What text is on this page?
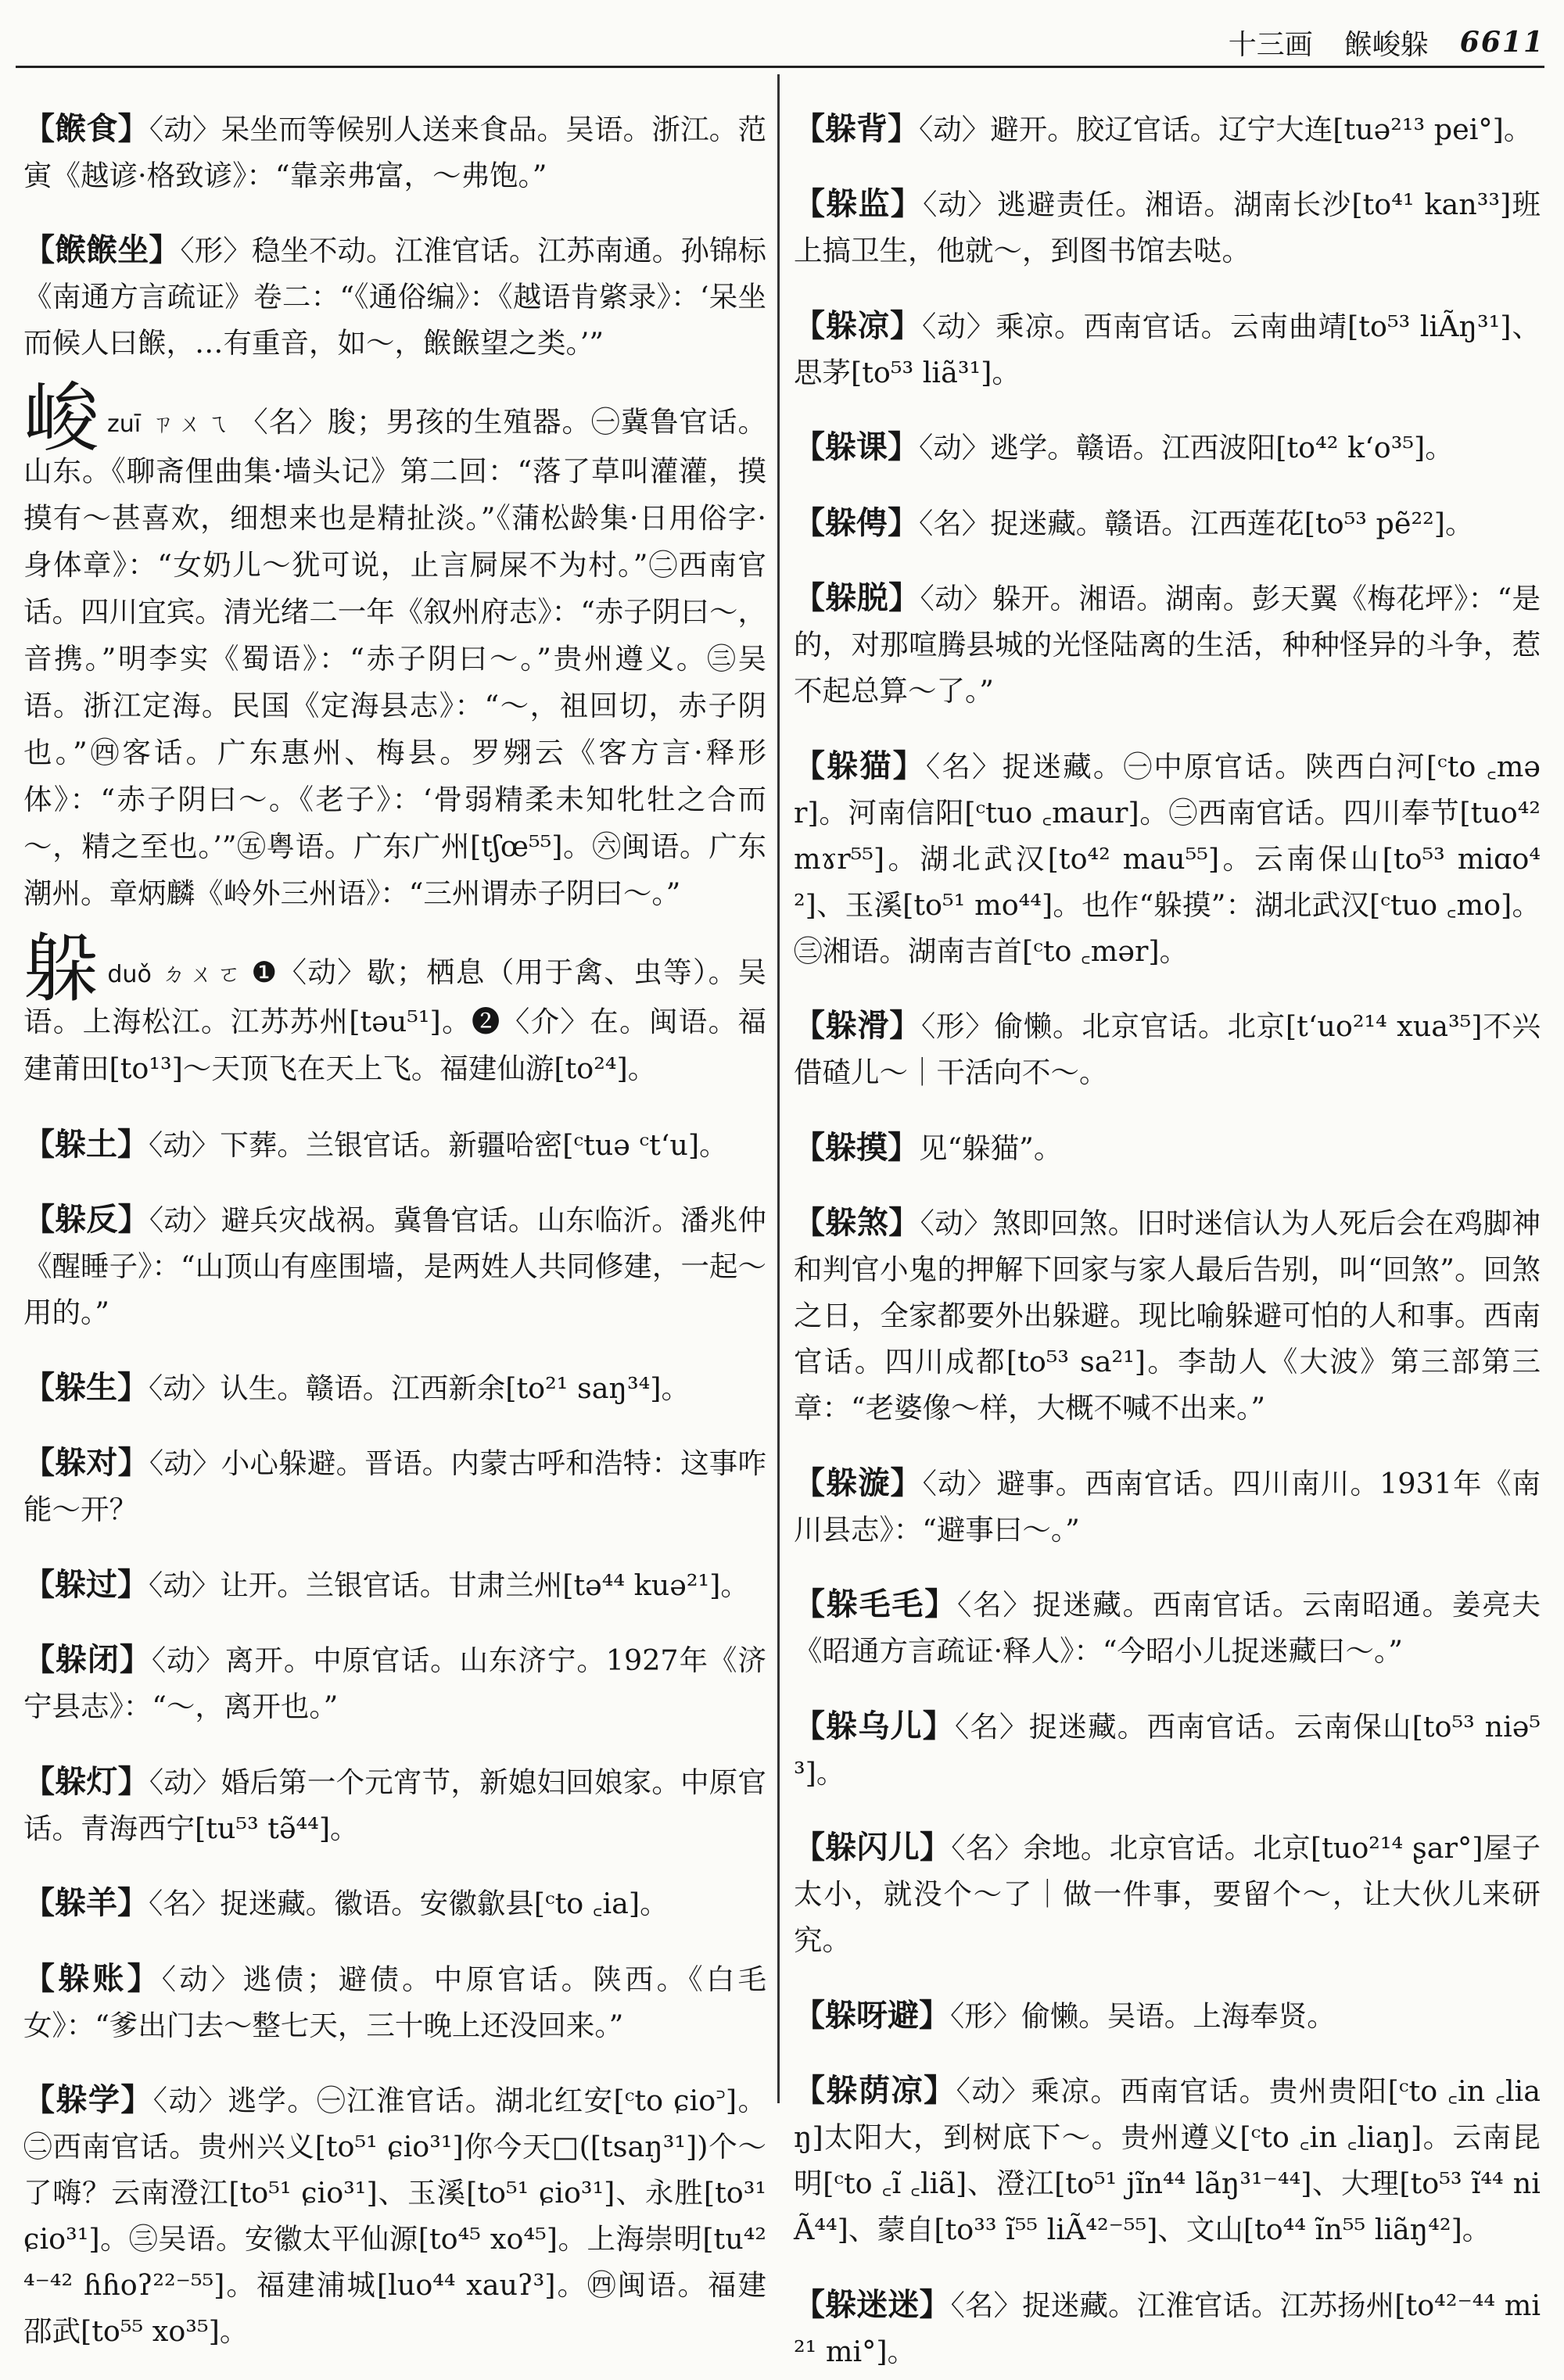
十三画 餱峻躲 6611

【餱食】〈动〉呆坐而等候别人送来食品。吴语。浙江。范寅《越谚·格致谚》：“靠亲弗富，～弗饱。”

【餱餱坐】〈形〉稳坐不动。江淮官话。江苏南通。孙锦标《南通方言疏证》卷二：“《通俗编》：《越语肯綮录》：‘呆坐而候人曰餱，…有重音，如～，餱餱望之类。’”

峻zuī ㄗㄨㄟ 〈名〉朘；男孩的生殖器。㊀冀鲁官话。山东。《聊斋俚曲集·墙头记》第二回：“落了草叫灌灌，摸摸有～甚喜欢，细想来也是精扯淡。”《蒲松龄集·日用俗字·身体章》：“女奶儿～犹可说，止言屙屎不为村。”㊁西南官话。四川宜宾。清光绪二一年《叙州府志》：“赤子阴曰～，音携。”明李实《蜀语》：“赤子阴曰～。”贵州遵义。㊂吴语。浙江定海。民国《定海县志》：“～，祖回切，赤子阴也。”㊃客话。广东惠州、梅县。罗翙云《客方言·释形体》：“赤子阴曰～。《老子》：‘骨弱精柔未知牝牡之合而～，精之至也。’”㊄粤语。广东广州[tʃœ⁵⁵]。㊅闽语。广东潮州。章炳麟《岭外三州语》：“三州谓赤子阴曰～。”

躲duǒ ㄉㄨㄛ ❶〈动〉歇；栖息（用于禽、虫等）。吴语。上海松江。江苏苏州[təu⁵¹]。❷〈介〉在。闽语。福建莆田[to¹³]～天顶飞在天上飞。福建仙游[to²⁴]。

【躲土】〈动〉下葬。兰银官话。新疆哈密[ᶜtuə ᶜtʻu]。

【躲反】〈动〉避兵灾战祸。冀鲁官话。山东临沂。潘兆仲《醒睡子》：“山顶山有座围墙，是两姓人共同修建，一起～用的。”

【躲生】〈动〉认生。赣语。江西新余[to²¹ saŋ³⁴]。

【躲对】〈动〉小心躲避。晋语。内蒙古呼和浩特：这事咋能～开？

【躲过】〈动〉让开。兰银官话。甘肃兰州[tə⁴⁴ kuə²¹]。

【躲闭】〈动〉离开。中原官话。山东济宁。1927年《济宁县志》：“～，离开也。”

【躲灯】〈动〉婚后第一个元宵节，新媳妇回娘家。中原官话。青海西宁[tu⁵³ tə̃⁴⁴]。

【躲羊】〈名〉捉迷藏。徽语。安徽歙县[ᶜto ꜀ia]。

【躲账】〈动〉逃债；避债。中原官话。陕西。《白毛女》：“爹出门去～整七天，三十晚上还没回来。”

【躲学】〈动〉逃学。㊀江淮官话。湖北红安[ᶜto ɕio꜄]。㊁西南官话。贵州兴义[to⁵¹ ɕio³¹]你今天□([tsaŋ³¹])个～了嗨？云南澄江[to⁵¹ ɕio³¹]、玉溪[to⁵¹ ɕio³¹]、永胜[to³¹ ɕio³¹]。㊂吴语。安徽太平仙源[to⁴⁵ xo⁴⁵]。上海崇明[tu⁴²⁴⁻⁴² ɦɦoʔ²²⁻⁵⁵]。福建浦城[luo⁴⁴ xauʔ³]。㊃闽语。福建邵武[to⁵⁵ xo³⁵]。

【躲背】〈动〉避开。胶辽官话。辽宁大连[tuə²¹³ pei°]。

【躲监】〈动〉逃避责任。湘语。湖南长沙[to⁴¹ kan³³]班上搞卫生，他就～，到图书馆去哒。

【躲凉】〈动〉乘凉。西南官话。云南曲靖[to⁵³ liÃŋ³¹]、思茅[to⁵³ liã³¹]。

【躲课】〈动〉逃学。赣语。江西波阳[to⁴² kʻo³⁵]。

【躲俜】〈名〉捉迷藏。赣语。江西莲花[to⁵³ pẽ²²]。

【躲脱】〈动〉躲开。湘语。湖南。彭天翼《梅花坪》：“是的，对那喧腾县城的光怪陆离的生活，种种怪异的斗争，惹不起总算～了。”

【躲猫】〈名〉捉迷藏。㊀中原官话。陕西白河[ᶜto ꜀mər]。河南信阳[ᶜtuo ꜀maur]。㊁西南官话。四川奉节[tuo⁴² mɤr⁵⁵]。湖北武汉[to⁴² mau⁵⁵]。云南保山[to⁵³ miɑo⁴²]、玉溪[to⁵¹ mo⁴⁴]。也作“躲摸”：湖北武汉[ᶜtuo ꜀mo]。㊂湘语。湖南吉首[ᶜto ꜀mər]。

【躲滑】〈形〉偷懒。北京官话。北京[tʻuo²¹⁴ xua³⁵]不兴借碴儿～｜干活向不～。

【躲摸】见“躲猫”。

【躲煞】〈动〉煞即回煞。旧时迷信认为人死后会在鸡脚神和判官小鬼的押解下回家与家人最后告别，叫“回煞”。回煞之日，全家都要外出躲避。现比喻躲避可怕的人和事。西南官话。四川成都[to⁵³ sa²¹]。李劼人《大波》第三部第三章：“老婆像～样，大概不喊不出来。”

【躲漩】〈动〉避事。西南官话。四川南川。1931年《南川县志》：“避事曰～。”

【躲毛毛】〈名〉捉迷藏。西南官话。云南昭通。姜亮夫《昭通方言疏证·释人》：“今昭小儿捉迷藏曰～。”

【躲乌儿】〈名〉捉迷藏。西南官话。云南保山[to⁵³ niə⁵³]。

【躲闪儿】〈名〉余地。北京官话。北京[tuo²¹⁴ ʂar°]屋子太小，就没个～了｜做一件事，要留个～，让大伙儿来研究。

【躲呀避】〈形〉偷懒。吴语。上海奉贤。

【躲荫凉】〈动〉乘凉。西南官话。贵州贵阳[ᶜto ꜀in ꜀liaŋ]太阳大，到树底下～。贵州遵义[ᶜto ꜀in ꜀liaŋ]。云南昆明[ᶜto ꜀ĩ ꜀liã]、澄江[to⁵¹ jĩn⁴⁴ lãŋ³¹⁻⁴⁴]、大理[to⁵³ ĩ⁴⁴ niÃ⁴⁴]、蒙自[to³³ ĩ⁵⁵ liÃ⁴²⁻⁵⁵]、文山[to⁴⁴ ĩn⁵⁵ liãŋ⁴²]。

【躲迷迷】〈名〉捉迷藏。江淮官话。江苏扬州[to⁴²⁻⁴⁴ mi²¹ mi°]。
